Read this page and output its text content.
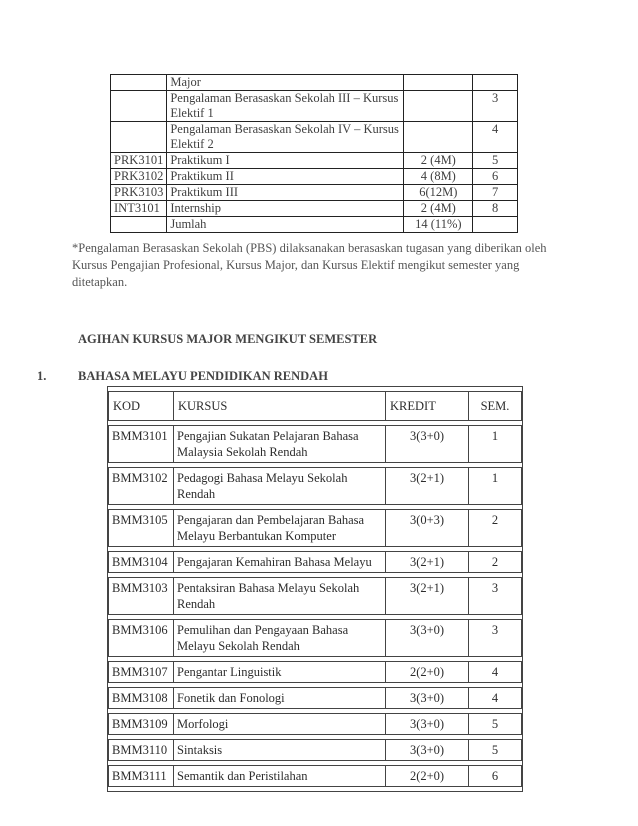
	Major		
	Pengalaman Berasaskan Sekolah III – Kursus Elektif 1		3
	Pengalaman Berasaskan Sekolah IV – Kursus Elektif 2		4
PRK3101	Praktikum I	2 (4M)	5
PRK3102	Praktikum II	4 (8M)	6
PRK3103	Praktikum III	6(12M)	7
INT3101	Internship	2 (4M)	8
	Jumlah	14 (11%)	
*Pengalaman Berasaskan Sekolah (PBS) dilaksanakan berasaskan tugasan yang diberikan oleh Kursus Pengajian Profesional, Kursus Major, dan Kursus Elektif mengikut semester yang ditetapkan.
AGIHAN KURSUS MAJOR MENGIKUT SEMESTER
1.	BAHASA MELAYU PENDIDIKAN RENDAH
KOD	KURSUS	KREDIT	SEM.
BMM3101	Pengajian Sukatan Pelajaran Bahasa Malaysia Sekolah Rendah	3(3+0)	1
BMM3102	Pedagogi Bahasa Melayu Sekolah Rendah	3(2+1)	1
BMM3105	Pengajaran dan Pembelajaran Bahasa Melayu Berbantukan Komputer	3(0+3)	2
BMM3104	Pengajaran Kemahiran Bahasa Melayu	3(2+1)	2
BMM3103	Pentaksiran Bahasa Melayu Sekolah Rendah	3(2+1)	3
BMM3106	Pemulihan dan Pengayaan Bahasa Melayu Sekolah Rendah	3(3+0)	3
BMM3107	Pengantar Linguistik	2(2+0)	4
BMM3108	Fonetik dan Fonologi	3(3+0)	4
BMM3109	Morfologi	3(3+0)	5
BMM3110	Sintaksis	3(3+0)	5
BMM3111	Semantik dan Peristilahan	2(2+0)	6
